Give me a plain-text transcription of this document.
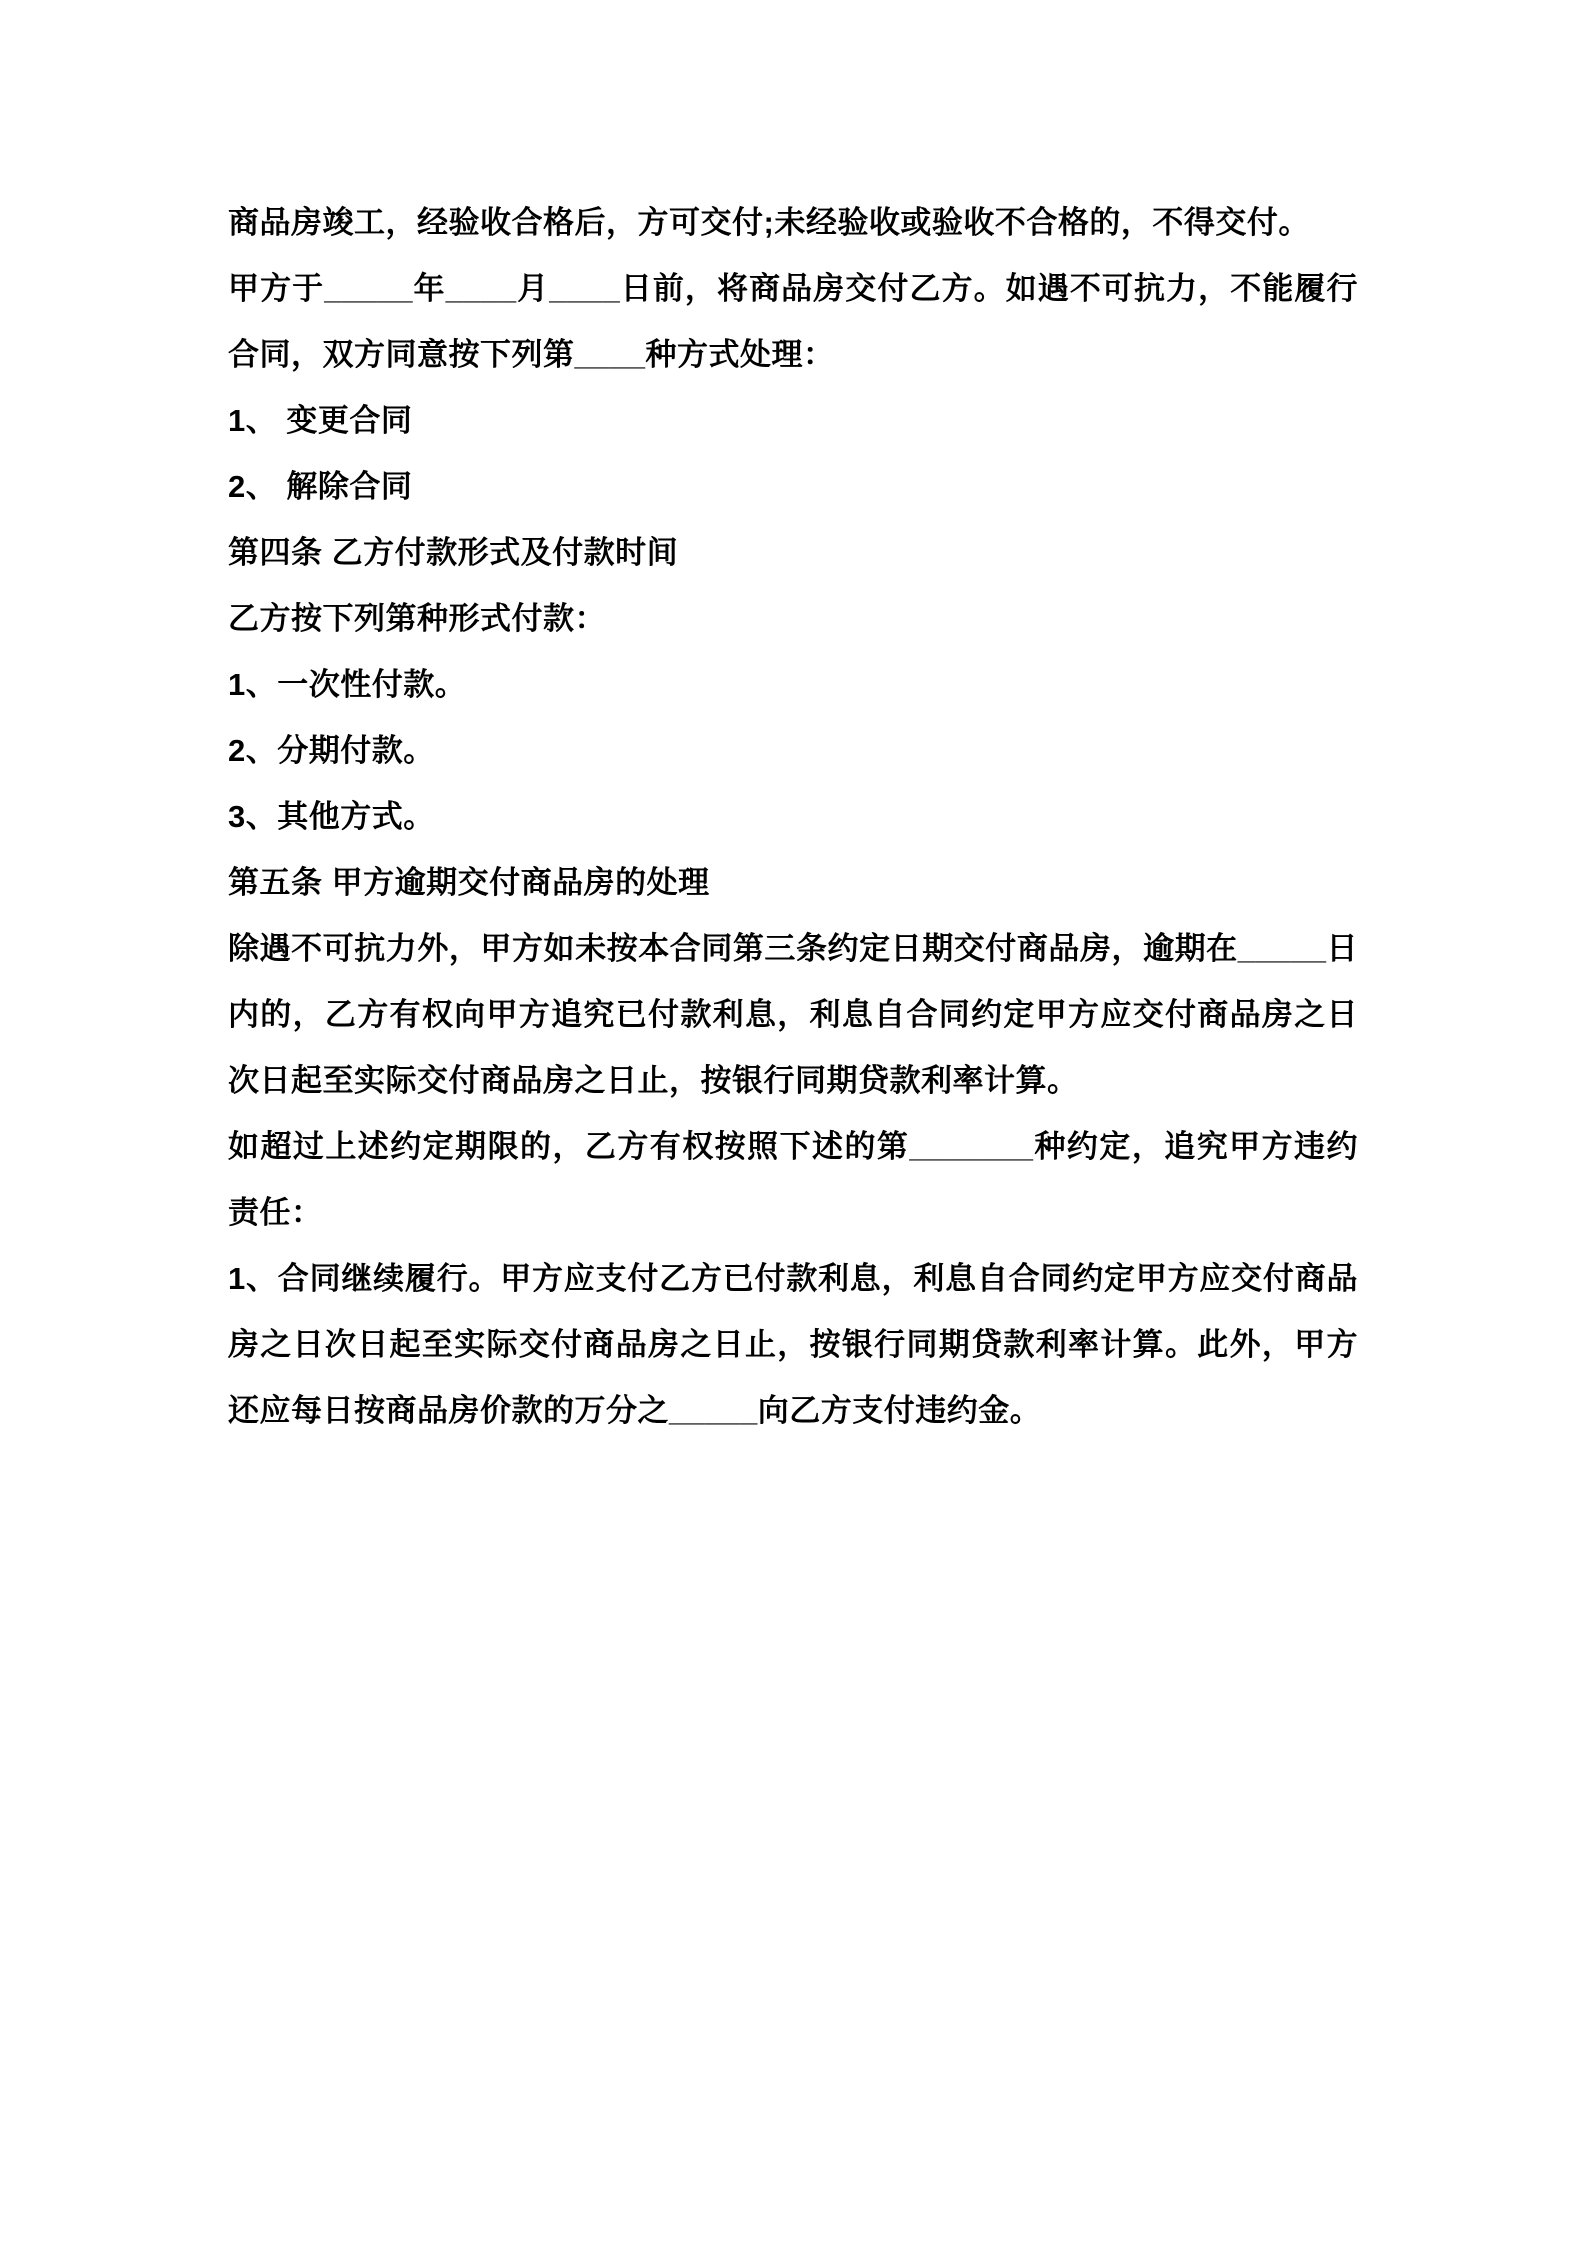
商品房竣工，经验收合格后，方可交付;未经验收或验收不合格的，不得交付。

甲方于_____年____月____日前，将商品房交付乙方。如遇不可抗力，不能履行合同，双方同意按下列第____种方式处理：

1、 变更合同

2、 解除合同

第四条 乙方付款形式及付款时间

乙方按下列第种形式付款：

1、一次性付款。

2、分期付款。

3、其他方式。

第五条 甲方逾期交付商品房的处理

除遇不可抗力外，甲方如未按本合同第三条约定日期交付商品房，逾期在_____日内的，乙方有权向甲方追究已付款利息，利息自合同约定甲方应交付商品房之日次日起至实际交付商品房之日止，按银行同期贷款利率计算。

如超过上述约定期限的，乙方有权按照下述的第_______种约定，追究甲方违约责任：

1、合同继续履行。甲方应支付乙方已付款利息，利息自合同约定甲方应交付商品房之日次日起至实际交付商品房之日止，按银行同期贷款利率计算。此外，甲方还应每日按商品房价款的万分之_____向乙方支付违约金。
